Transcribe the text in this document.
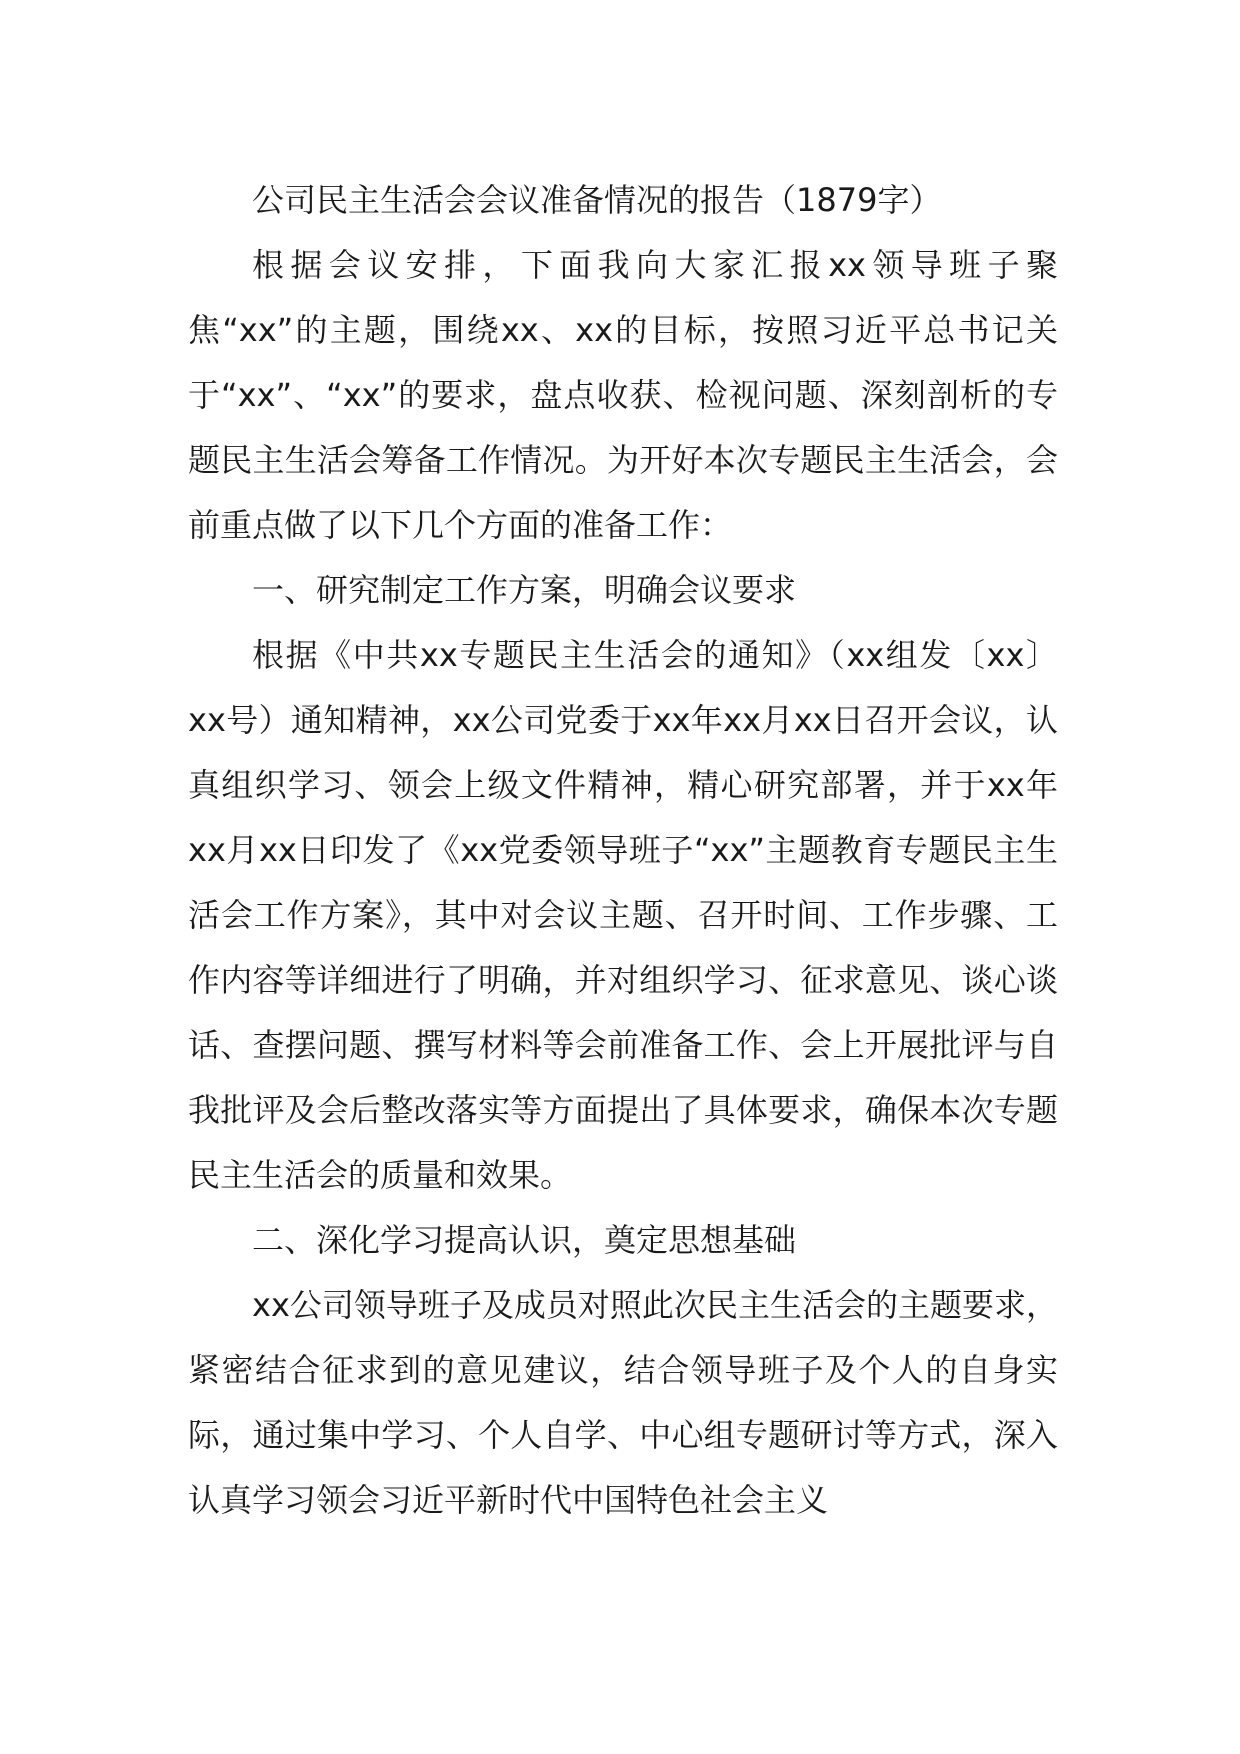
公司民主生活会会议准备情况的报告（1879字）

根据会议安排，下面我向大家汇报xx领导班子聚焦“xx”的主题，围绕xx、xx的目标，按照习近平总书记关于“xx”、“xx”的要求，盘点收获、检视问题、深刻剖析的专题民主生活会筹备工作情况。为开好本次专题民主生活会，会前重点做了以下几个方面的准备工作：

一、研究制定工作方案，明确会议要求

根据《中共xx专题民主生活会的通知》（xx组发〔xx〕xx号）通知精神，xx公司党委于xx年xx月xx日召开会议，认真组织学习、领会上级文件精神，精心研究部署，并于xx年xx月xx日印发了《xx党委领导班子“xx”主题教育专题民主生活会工作方案》，其中对会议主题、召开时间、工作步骤、工作内容等详细进行了明确，并对组织学习、征求意见、谈心谈话、查摆问题、撰写材料等会前准备工作、会上开展批评与自我批评及会后整改落实等方面提出了具体要求，确保本次专题民主生活会的质量和效果。

二、深化学习提高认识，奠定思想基础

xx公司领导班子及成员对照此次民主生活会的主题要求，紧密结合征求到的意见建议，结合领导班子及个人的自身实际，通过集中学习、个人自学、中心组专题研讨等方式，深入认真学习领会习近平新时代中国特色社会主义
